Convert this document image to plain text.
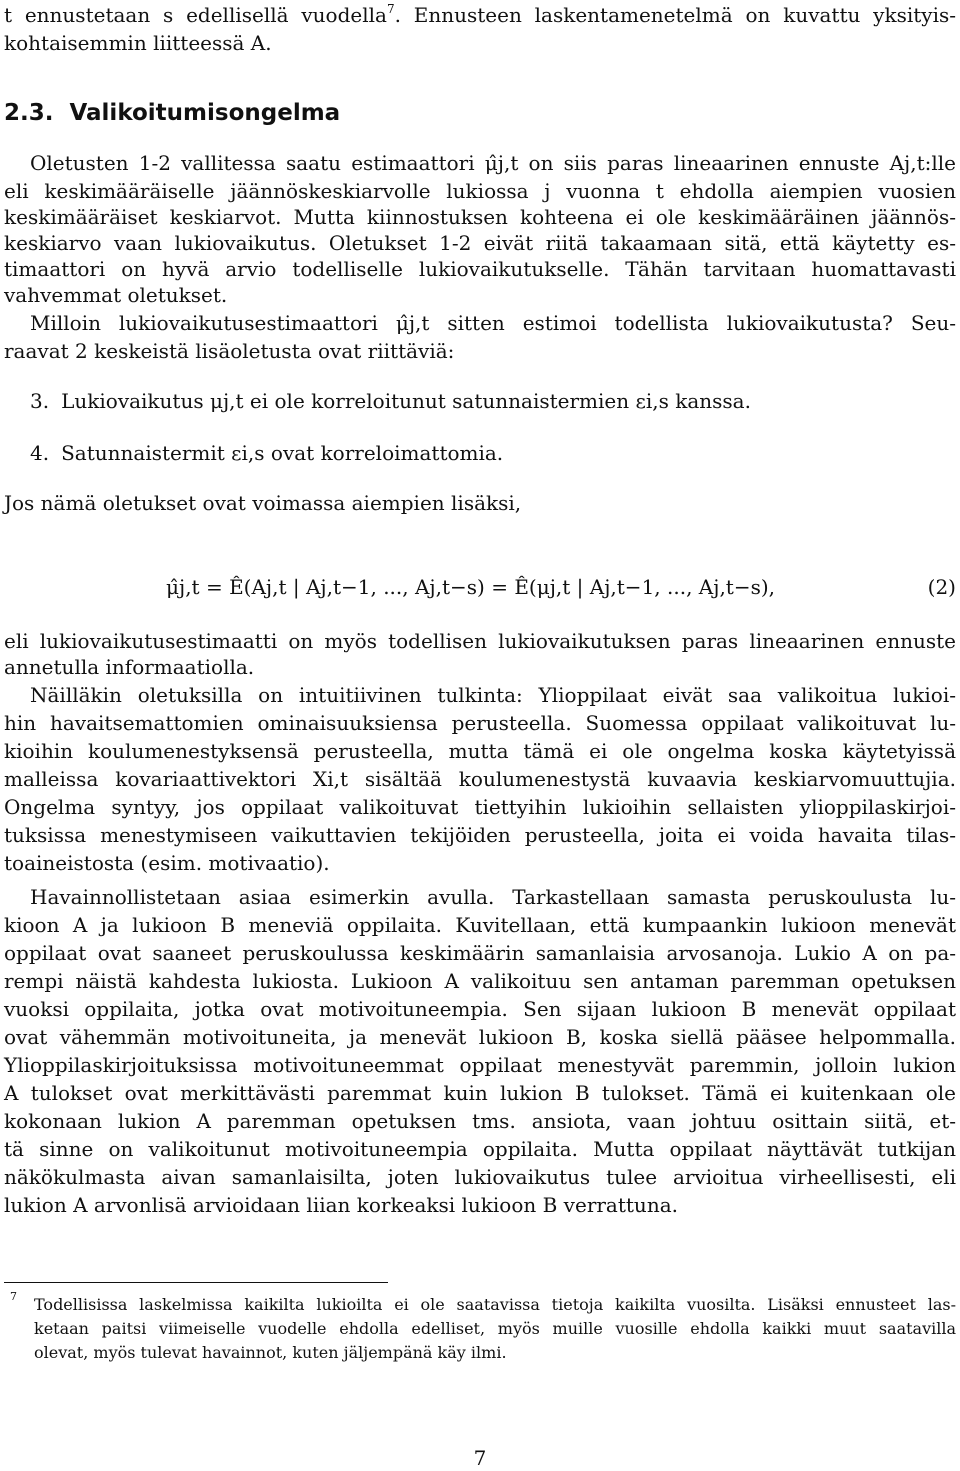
t ennustetaan s edellisellä vuodella$^7$. Ennusteen laskentamenetelmä on kuvattu yksityis-
kohtaisemmin liitteessä A.
2.3. Valikoitumisongelma
Oletusten 1-2 vallitessa saatu estimaattori μ̂j,t on siis paras lineaarinen ennuste Aj,t:lle
eli keskimääräiselle jäännöskeskiarvolle lukiossa j vuonna t ehdolla aiempien vuosien
keskimääräiset keskiarvot. Mutta kiinnostuksen kohteena ei ole keskimääräinen jäännös-
keskiarvo vaan lukiovaikutus. Oletukset 1-2 eivät riitä takaamaan sitä, että käytetty es-
timaattori on hyvä arvio todelliselle lukiovaikutukselle. Tähän tarvitaan huomattavasti
vahvemmat oletukset.
Milloin lukiovaikutusestimaattori μ̂j,t sitten estimoi todellista lukiovaikutusta? Seu-
raavat 2 keskeistä lisäoletusta ovat riittäviä:
3. Lukiovaikutus μj,t ei ole korreloitunut satunnaistermien εi,s kanssa.
4. Satunnaistermit εi,s ovat korreloimattomia.
Jos nämä oletukset ovat voimassa aiempien lisäksi,
μ̂j,t = Ê(Aj,t | Aj,t−1, ..., Aj,t−s) = Ê(μj,t | Aj,t−1, ..., Aj,t−s),	(2)
eli lukiovaikutusestimaatti on myös todellisen lukiovaikutuksen paras lineaarinen ennuste
annetulla informaatiolla.
Näilläkin oletuksilla on intuitiivinen tulkinta: Ylioppilaat eivät saa valikoitua lukioi-
hin havaitsemattomien ominaisuuksiensa perusteella. Suomessa oppilaat valikoituvat lu-
kioihin koulumenestyksensä perusteella, mutta tämä ei ole ongelma koska käytetyissä
malleissa kovariaattivektori Xi,t sisältää koulumenestystä kuvaavia keskiarvomuuttujia.
Ongelma syntyy, jos oppilaat valikoituvat tiettyihin lukioihin sellaisten ylioppilaskirjoi-
tuksissa menestymiseen vaikuttavien tekijöiden perusteella, joita ei voida havaita tilas-
toaineistosta (esim. motivaatio).
Havainnollistetaan asiaa esimerkin avulla. Tarkastellaan samasta peruskoulusta lu-
kioon A ja lukioon B meneviä oppilaita. Kuvitellaan, että kumpaankin lukioon menevät
oppilaat ovat saaneet peruskoulussa keskimäärin samanlaisia arvosanoja. Lukio A on pa-
rempi näistä kahdesta lukiosta. Lukioon A valikoituu sen antaman paremman opetuksen
vuoksi oppilaita, jotka ovat motivoituneempia. Sen sijaan lukioon B menevät oppilaat
ovat vähemmän motivoituneita, ja menevät lukioon B, koska siellä pääsee helpommalla.
Ylioppilaskirjoituksissa motivoituneemmat oppilaat menestyvät paremmin, jolloin lukion
A tulokset ovat merkittävästi paremmat kuin lukion B tulokset. Tämä ei kuitenkaan ole
kokonaan lukion A paremman opetuksen tms. ansiota, vaan johtuu osittain siitä, et-
tä sinne on valikoitunut motivoituneempia oppilaita. Mutta oppilaat näyttävät tutkijan
näkökulmasta aivan samanlaisilta, joten lukiovaikutus tulee arvioitua virheellisesti, eli
lukion A arvonlisä arvioidaan liian korkeaksi lukioon B verrattuna.
7 Todellisissa laskelmissa kaikilta lukioilta ei ole saatavissa tietoja kaikilta vuosilta. Lisäksi ennusteet las-
ketaan paitsi viimeiselle vuodelle ehdolla edelliset, myös muille vuosille ehdolla kaikki muut saatavilla
olevat, myös tulevat havainnot, kuten jäljempänä käy ilmi.
7
